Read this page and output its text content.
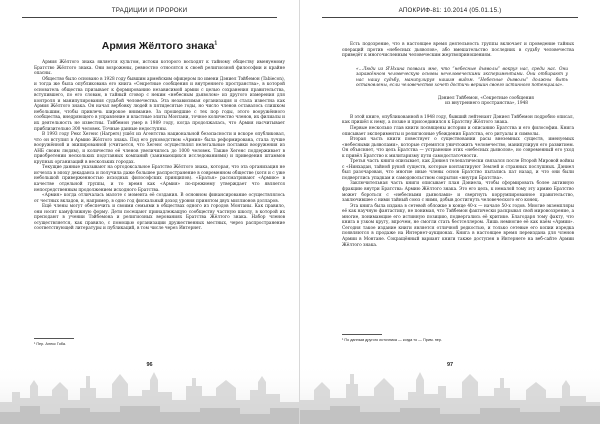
ТРАДИЦИИ И ПРОРОКИ
Армия Жёлтого знака$^1$

Армия Жёлтого знака является культом, истоки которого восходят к тайному обществу именуемому Братство Жёлтого знака. Они возрожены, ревностно относятся к своей религиозной философии и крайне опасны.

Общество было основано в 1928 году бывшим армейским офицером по имени Дэниел Тэйбемон (Tabiecon), и тогда же была опубликована его книга «Секретные сообщения и внутреннего пространства», в которой основатель общества призывает к формированию независимой армии с целью сохранения правительства, вступившего, по его словам, в тайный сговор с неким «небесным дьяволом» из другого измерения для контроля и манипулирования судьбой человечества. Эта независимая организация и стала известна как Армия Жёлтого знака. Он начал вербовку людей в пятидесятые годы, но число членов оставалось слишком небольшим, чтобы привлечь широкое внимание. За прошедшие с тех пор годы, этого вооружённого сообщества, внедряющего в управление и властные элиты Монтани, точное количество членов, их филиалы и их деятельность не известны. Тэйбемон умер в 1989 году, когда продолжалась, что Армия насчитывает приблизительно 300 человек. Точные данные недоступны.

В 1993 году Рекс Хегенс (Harpers) ушёл из Агентства национальной безопасности и вскоре опубликовал, что он вступил в Армию Жёлтого знака. Под его руководством «Армия» была реформирована, стала лучше вооружённой и экипированной (считается, что Хегенс осуществлял нелегальные поставки вооружения из АНБ своим людям), и количество её членов увеличилось до 1000 человек. Также Хегенс поддерживает в приобретении нескольких подставных компаний (занимающихся исследованиями) и приведения штаммов крупных организаций в нескольких городах.

Текущие данные указывают на ортодоксальное Братство Жёлтого знака, которая, что эта организация не исчезла в эпоху декаданса и получила даже большее распространение в современном обществе (хотя и с уже небольшой приверженностью исходных философских принципов). «Братья» рассматривают «Армию» в качестве отдельной группы, и то время как «Армия» по-прежнему утверждает что является непосредственным продолжением исходного Братства.

«Армия» когда отличалась малоте с момента её создания. В основном финансирование осуществлялось от честных вкладов, и, например, в одно год фискальный доход уровня принятом двух миллионов долларов.

Ещё члены могут обеспечить и своими семьями в обществах одного из городов Монтаны. Как правило, они носят камуфляжную форму. Дети посещают принадлежащую сообществу частную школу, в которой их преподают в учении Тэйбемона и религиозных верованиях Братства Жёлтого знака. Набор членов осуществляется, как правило, с помощью организации дружественных местных, через распространение соответствующей литературы и публикаций, в том числе через Интернет.

¹ Пер. Алекс Гоба.
АПОКРИФ-81: 10.2014 (05.01.15.)

Есть подозрение, что в настоящее время деятельность группы включает и проведение тайных операций против «небесных дьяволов», або вмешательство последних в судьбу человечества приведёт к многочисленным человеческим жертвоприношениям.

«…Люди из Я'Нхина позвали мне, что “небесные дьяволы” вокруг нас, среди нас. Они заражённом человеческую основы нечеловеческими экспериментами. Они отбирают у нас нашу судьбу, манипулируя нашим видом. “Небесные дьяволы” должны быть остановлены, если человечество хочет достичь вершин своего истинного потенциала».

Дэниел Тэйбемон, «Секретные сообщения
из внутреннего пространства», 1948

В этой книге, опубликованной в 1948 году, бывший лейтенант Дэниел Тэйбемон подробно описал, как пришёл к нему, а позже и присоединился к Братству Жёлтого знака.

Первые несколько глав книги посвящены истории и описанию Братства и его философии. Книга описывает эксперименты и религиозные убеждения Братства, его ритуалы и символы.

Вторая часть книги повествует о существовании расы внеземных существ, именуемых «небесными дьяволами», которые стремятся уничтожить человечество, манипулируя его развитием. Он объясняет, что цель Братства — устранение этих «небесных дьяволов», но современный его уход к привёл Братство к милитаризму пути самодостаточности.

Третья часть книги описывает, как Дэниел телепатически связался после Второй Мировой войны с «Нинхадан, тайной рукой существ, которые контактируют Землей и странных послушных. Дэниел был разочарован, что многие иные члены основ Братство пытались пат назад, и что они были подверглись упадкам и самодовольством сокрытия «внутри Братства».

Заключительная часть книги описывает план Дэниела, чтобы сформировать более активную фракцию внутри Братства: Армию Жёлтого знака. Это его цель, к немалой тому эту армию Братство может бороться с «небесными дьяволами» и свергнуть коррумпированное правительство, заключившее с ними тайный союз с ними, добыв достигнуть человеческого его конец.

Эта книга была издана в сетевой обложке в конце 40-х — начале 50-х годов. Многие экземпляры её как научную фантастику, не понимая, что Тэйбемон фактически раскрывал свой мировоззрение, а многие, понимающие его истинную позицию, подвергались её критике. Благодаря тому факту, что книга в узком кругу, впрочем, не смогли стать бестселлером. Лишь немногие её как наём «Армии». Сегодня такое издание книги является отличной редкостью, и только сетевые его копии изредка появляются в продаже на Интернет-аукционах. Книга в настоящее время переиздана для членов Армии в Монтане. Сокращённый вариант книги также доступен в Интернете на веб-сайте Армии Жёлтого знака.

¹ По данным другого источника — когда то — Прим. пер.
